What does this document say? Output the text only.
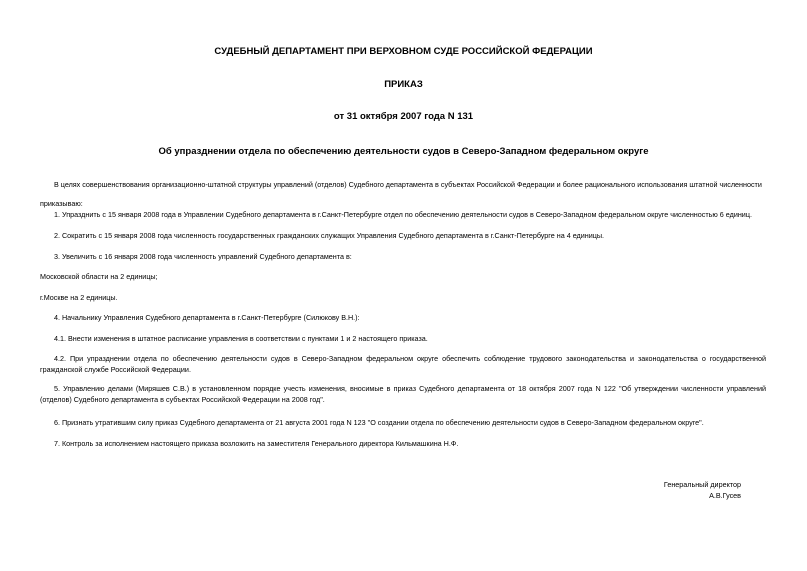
СУДЕБНЫЙ ДЕПАРТАМЕНТ ПРИ ВЕРХОВНОМ СУДЕ РОССИЙСКОЙ ФЕДЕРАЦИИ
ПРИКАЗ
от 31 октября 2007 года N 131
Об упразднении отдела по обеспечению деятельности судов в Северо-Западном федеральном округе
В целях совершенствования организационно-штатной структуры управлений (отделов) Судебного департамента в субъектах Российской Федерации и более рационального использования штатной численности
приказываю:
1. Упразднить с 15 января 2008 года в Управлении Судебного департамента в г.Санкт-Петербурге отдел по обеспечению деятельности судов в Северо-Западном федеральном округе численностью 6 единиц.
2. Сократить с 15 января 2008 года численность государственных гражданских служащих Управления Судебного департамента в г.Санкт-Петербурге на 4 единицы.
3. Увеличить с 16 января 2008 года численность управлений Судебного департамента в:
Московской области на 2 единицы;
г.Москве на 2 единицы.
4. Начальнику Управления Судебного департамента в г.Санкт-Петербурге (Силюкову В.Н.):
4.1. Внести изменения в штатное расписание управления в соответствии с пунктами 1 и 2 настоящего приказа.
4.2. При упразднении отдела по обеспечению деятельности судов в Северо-Западном федеральном округе обеспечить соблюдение трудового законодательства и законодательства о государственной гражданской службе Российской Федерации.
5. Управлению делами (Миряшев С.В.) в установленном порядке учесть изменения, вносимые в приказ Судебного департамента от 18 октября 2007 года N 122 "Об утверждении численности управлений (отделов) Судебного департамента в субъектах Российской Федерации на 2008 год".
6. Признать утратившим силу приказ Судебного департамента от 21 августа 2001 года N 123 "О создании отдела по обеспечению деятельности судов в Северо-Западном федеральном округе".
7. Контроль за исполнением настоящего приказа возложить на заместителя Генерального директора Кильмашкина Н.Ф.
Генеральный директор
А.В.Гусев
